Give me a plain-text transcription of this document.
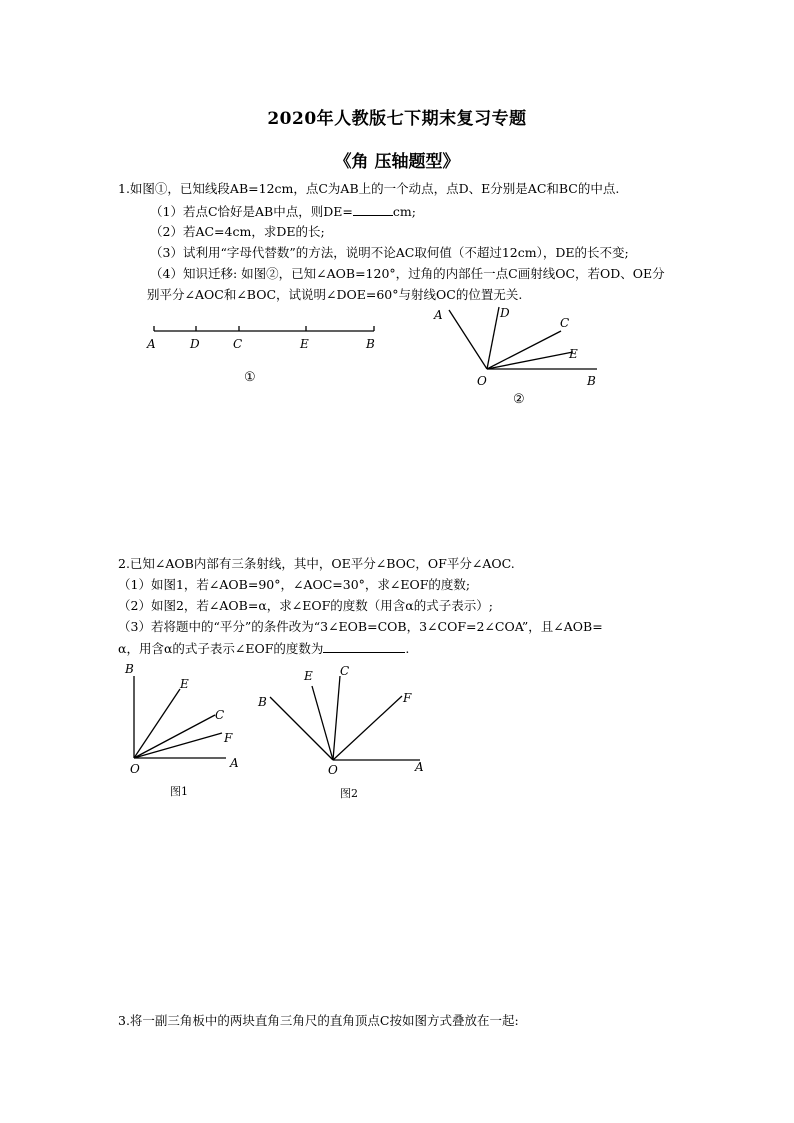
2020年人教版七下期末复习专题
《角 压轴题型》
1.如图①，已知线段AB=12cm，点C为AB上的一个动点，点D、E分别是AC和BC的中点.
（1）若点C恰好是AB中点，则DE=	cm;
（2）若AC=4cm，求DE的长;
（3）试利用“字母代替数”的方法，说明不论AC取何值（不超过12cm），DE的长不变;
（4）知识迁移: 如图②，已知∠AOB=120°，过角的内部任一点C画射线OC，若OD、OE分
别平分∠AOC和∠BOC，试说明∠DOE=60°与射线OC的位置无关.
A	D	C	E	B
①
A	D
C
E
O	B
②
2.已知∠AOB内部有三条射线，其中，OE平分∠BOC，OF平分∠AOC.
（1）如图1，若∠AOB=90°，∠AOC=30°，求∠EOF的度数;
（2）如图2，若∠AOB=α，求∠EOF的度数（用含α的式子表示）;
（3）若将题中的“平分”的条件改为“3∠EOB=COB，3∠COF=2∠COA”，且∠AOB=
α，用含α的式子表示∠EOF的度数为	.
B
E
C
F
O	A
图1
E C
B	F
O	A
图2
3.将一副三角板中的两块直角三角尺的直角顶点C按如图方式叠放在一起:
